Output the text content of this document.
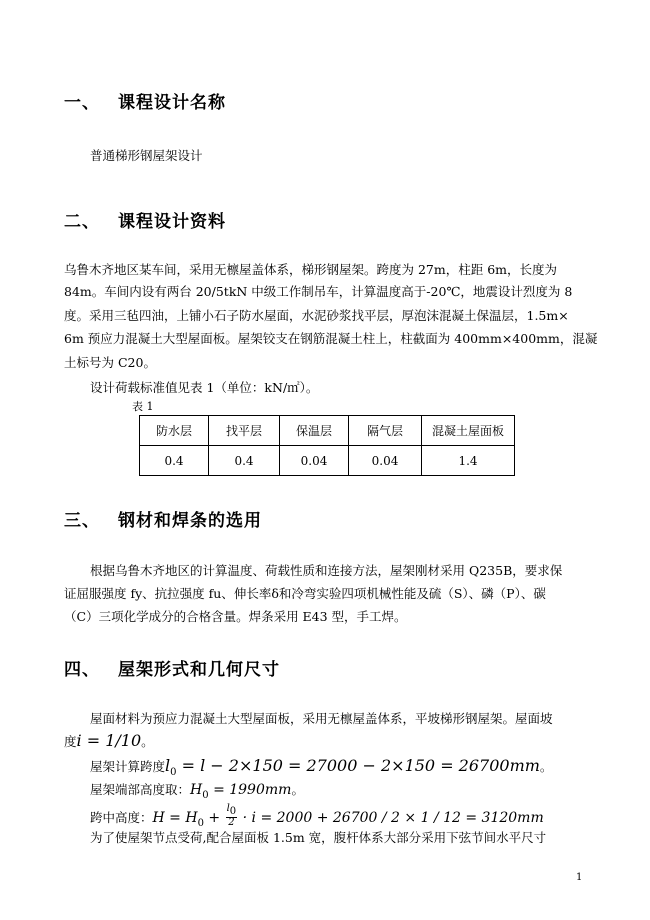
一、 课程设计名称
普通梯形钢屋架设计
二、 课程设计资料
乌鲁木齐地区某车间，采用无檩屋盖体系，梯形钢屋架。跨度为 27m，柱距 6m，长度为
84m。车间内设有两台 20/5tkN 中级工作制吊车，计算温度高于-20℃，地震设计烈度为 8
度。采用三毡四油，上铺小石子防水屋面，水泥砂浆找平层，厚泡沫混凝土保温层，1.5m×
6m 预应力混凝土大型屋面板。屋架铰支在钢筋混凝土柱上，柱截面为 400mm×400mm，混凝
土标号为 C20。
设计荷载标准值见表 1（单位：kN/㎡）。
表 1
防水层	找平层	保温层	隔气层	混凝土屋面板
0.4	0.4	0.04	0.04	1.4
三、 钢材和焊条的选用
根据乌鲁木齐地区的计算温度、荷载性质和连接方法，屋架刚材采用 Q235B，要求保
证屈服强度 fy、抗拉强度 fu、伸长率δ和冷弯实验四项机械性能及硫（S）、磷（P）、碳
（C）三项化学成分的合格含量。焊条采用 E43 型，手工焊。
四、 屋架形式和几何尺寸
屋面材料为预应力混凝土大型屋面板，采用无檩屋盖体系，平坡梯形钢屋架。屋面坡
度i = 1/10。
屋架计算跨度$l_0 = l - 2\times 150 = 27000 - 2\times 150 = 26700mm$。
屋架端部高度取：$H_0 = 1990mm$。
跨中高度：$H = H_0 + \frac{l_0}{2} \cdot i = 2000 + 26700 / 2 \times 1 / 12 = 3120mm$
为了使屋架节点受荷,配合屋面板 1.5m 宽，腹杆体系大部分采用下弦节间水平尺寸
1
